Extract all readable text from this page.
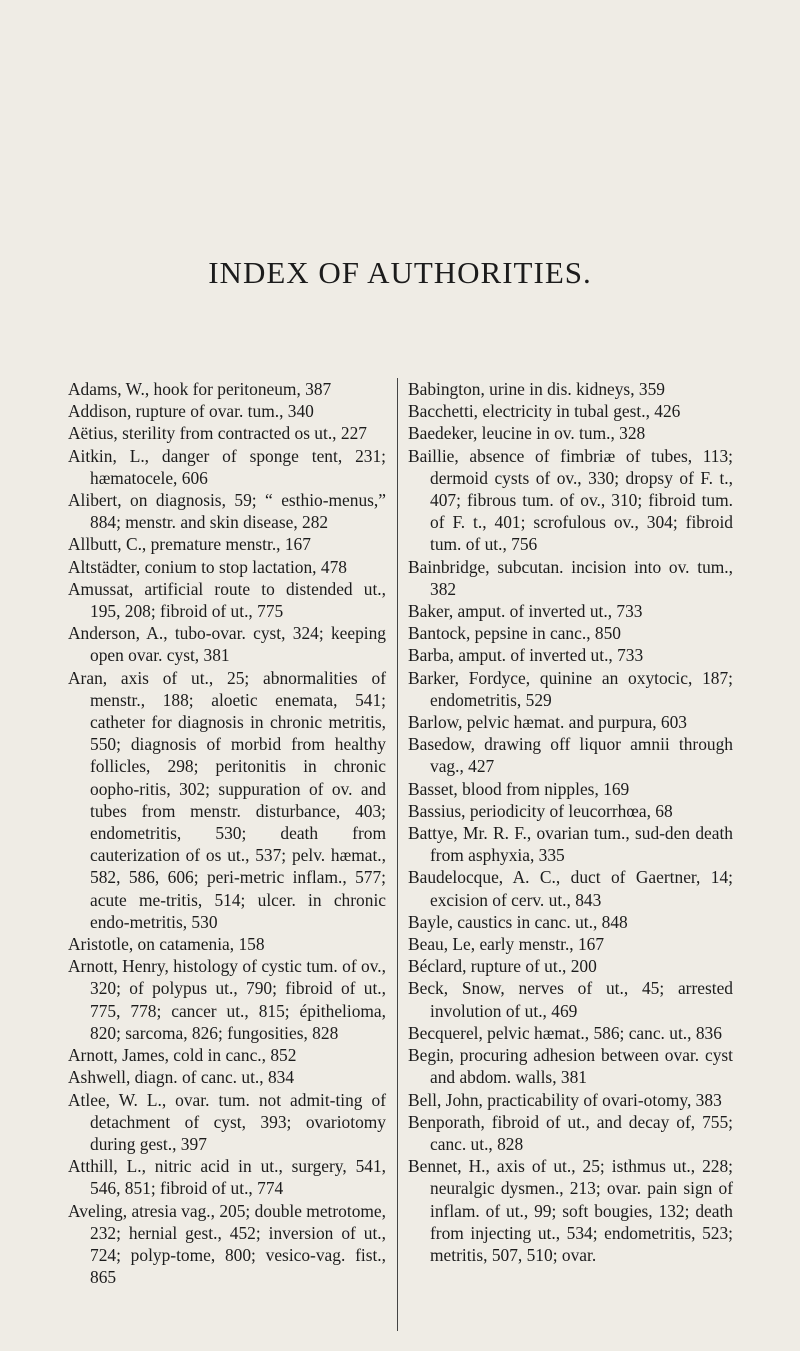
INDEX OF AUTHORITIES.

Adams, W., hook for peritoneum, 387

Addison, rupture of ovar. tum., 340

Aëtius, sterility from contracted os ut., 227

Aitkin, L., danger of sponge tent, 231; hæmatocele, 606

Alibert, on diagnosis, 59; “ esthio-menus,” 884; menstr. and skin disease, 282

Allbutt, C., premature menstr., 167

Altstädter, conium to stop lactation, 478

Amussat, artificial route to distended ut., 195, 208; fibroid of ut., 775

Anderson, A., tubo-ovar. cyst, 324; keeping open ovar. cyst, 381

Aran, axis of ut., 25; abnormalities of menstr., 188; aloetic enemata, 541; catheter for diagnosis in chronic metritis, 550; diagnosis of morbid from healthy follicles, 298; peritonitis in chronic oopho-ritis, 302; suppuration of ov. and tubes from menstr. disturbance, 403; endometritis, 530; death from cauterization of os ut., 537; pelv. hæmat., 582, 586, 606; peri-metric inflam., 577; acute me-tritis, 514; ulcer. in chronic endo-metritis, 530

Aristotle, on catamenia, 158

Arnott, Henry, histology of cystic tum. of ov., 320; of polypus ut., 790; fibroid of ut., 775, 778; cancer ut., 815; épithelioma, 820; sarcoma, 826; fungosities, 828

Arnott, James, cold in canc., 852

Ashwell, diagn. of canc. ut., 834

Atlee, W. L., ovar. tum. not admit-ting of detachment of cyst, 393; ovariotomy during gest., 397

Atthill, L., nitric acid in ut., surgery, 541, 546, 851; fibroid of ut., 774

Aveling, atresia vag., 205; double metrotome, 232; hernial gest., 452; inversion of ut., 724; polyp-tome, 800; vesico-vag. fist., 865

Babington, urine in dis. kidneys, 359

Bacchetti, electricity in tubal gest., 426

Baedeker, leucine in ov. tum., 328

Baillie, absence of fimbriæ of tubes, 113; dermoid cysts of ov., 330; dropsy of F. t., 407; fibrous tum. of ov., 310; fibroid tum. of F. t., 401; scrofulous ov., 304; fibroid tum. of ut., 756

Bainbridge, subcutan. incision into ov. tum., 382

Baker, amput. of inverted ut., 733

Bantock, pepsine in canc., 850

Barba, amput. of inverted ut., 733

Barker, Fordyce, quinine an oxytocic, 187; endometritis, 529

Barlow, pelvic hæmat. and purpura, 603

Basedow, drawing off liquor amnii through vag., 427

Basset, blood from nipples, 169

Bassius, periodicity of leucorrhœa, 68

Battye, Mr. R. F., ovarian tum., sud-den death from asphyxia, 335

Baudelocque, A. C., duct of Gaertner, 14; excision of cerv. ut., 843

Bayle, caustics in canc. ut., 848

Beau, Le, early menstr., 167

Béclard, rupture of ut., 200

Beck, Snow, nerves of ut., 45; arrested involution of ut., 469

Becquerel, pelvic hæmat., 586; canc. ut., 836

Begin, procuring adhesion between ovar. cyst and abdom. walls, 381

Bell, John, practicability of ovari-otomy, 383

Benporath, fibroid of ut., and decay of, 755; canc. ut., 828

Bennet, H., axis of ut., 25; isthmus ut., 228; neuralgic dysmen., 213; ovar. pain sign of inflam. of ut., 99; soft bougies, 132; death from injecting ut., 534; endometritis, 523; metritis, 507, 510; ovar.
